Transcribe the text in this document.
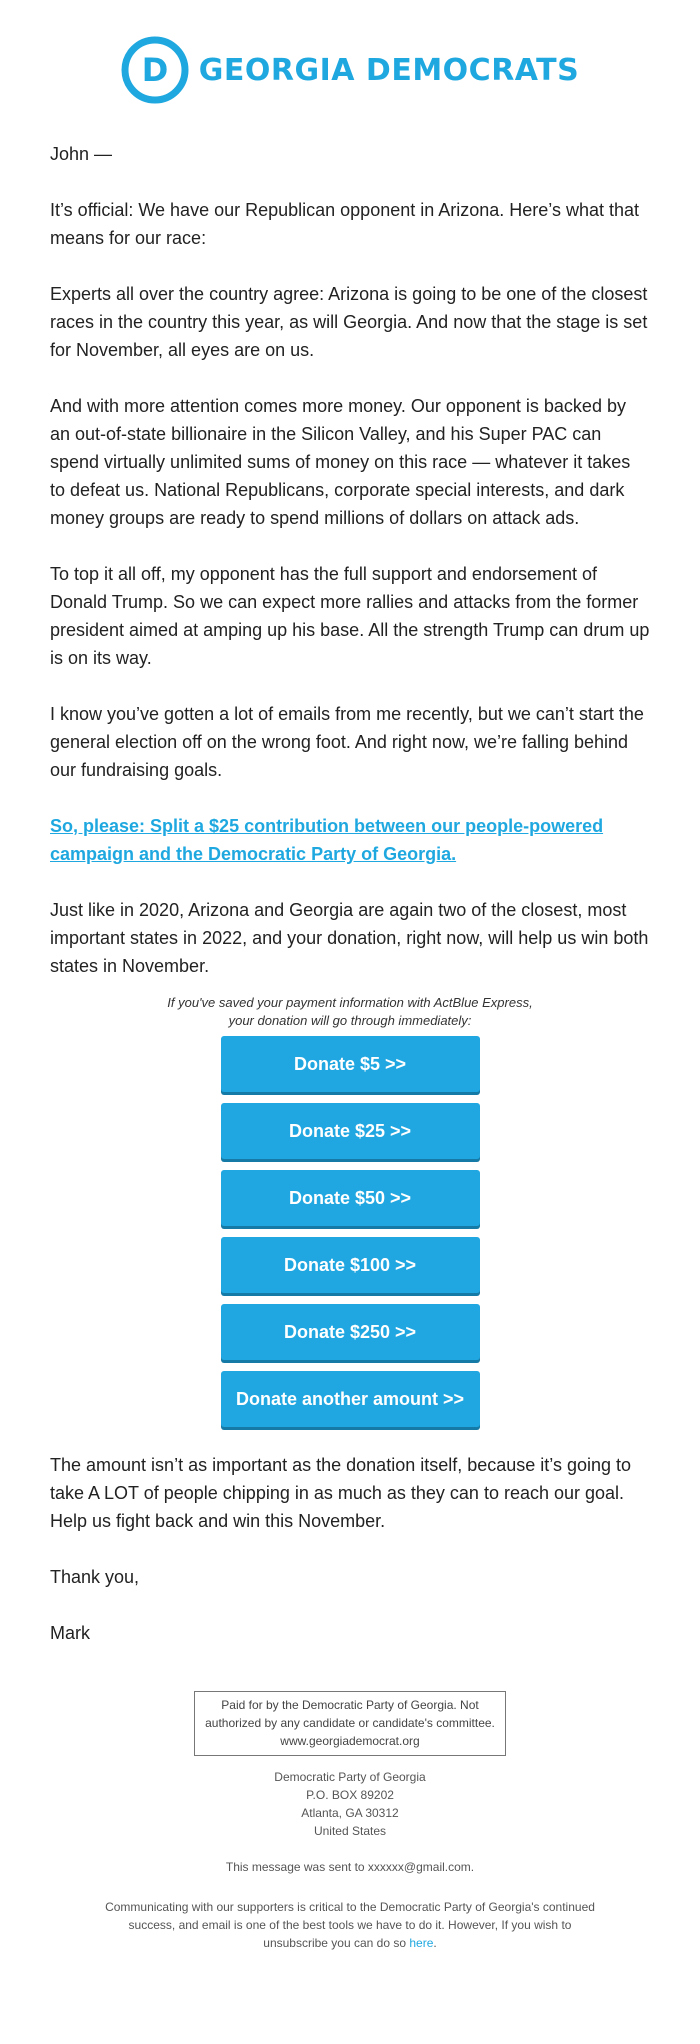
D GEORGIA DEMOCRATS

John —

It’s official: We have our Republican opponent in Arizona. Here’s what that means for our race:

Experts all over the country agree: Arizona is going to be one of the closest races in the country this year, as will Georgia. And now that the stage is set for November, all eyes are on us.

And with more attention comes more money. Our opponent is backed by an out-of-state billionaire in the Silicon Valley, and his Super PAC can spend virtually unlimited sums of money on this race — whatever it takes to defeat us. National Republicans, corporate special interests, and dark money groups are ready to spend millions of dollars on attack ads.

To top it all off, my opponent has the full support and endorsement of Donald Trump. So we can expect more rallies and attacks from the former president aimed at amping up his base. All the strength Trump can drum up is on its way.

I know you’ve gotten a lot of emails from me recently, but we can’t start the general election off on the wrong foot. And right now, we’re falling behind our fundraising goals.

So, please: Split a $25 contribution between our people-powered campaign and the Democratic Party of Georgia.

Just like in 2020, Arizona and Georgia are again two of the closest, most important states in 2022, and your donation, right now, will help us win both states in November.

If you've saved your payment information with ActBlue Express,
your donation will go through immediately:
Donate $5 >>
Donate $25 >>
Donate $50 >>
Donate $100 >>
Donate $250 >>
Donate another amount >>

The amount isn’t as important as the donation itself, because it’s going to take A LOT of people chipping in as much as they can to reach our goal. Help us fight back and win this November.

Thank you,

Mark

Paid for by the Democratic Party of Georgia. Not
authorized by any candidate or candidate's committee.
www.georgiademocrat.org
Democratic Party of Georgia
P.O. BOX 89202
Atlanta, GA 30312
United States
This message was sent to xxxxxx@gmail.com.
Communicating with our supporters is critical to the Democratic Party of Georgia's continued success, and email is one of the best tools we have to do it. However, If you wish to unsubscribe you can do so here.
